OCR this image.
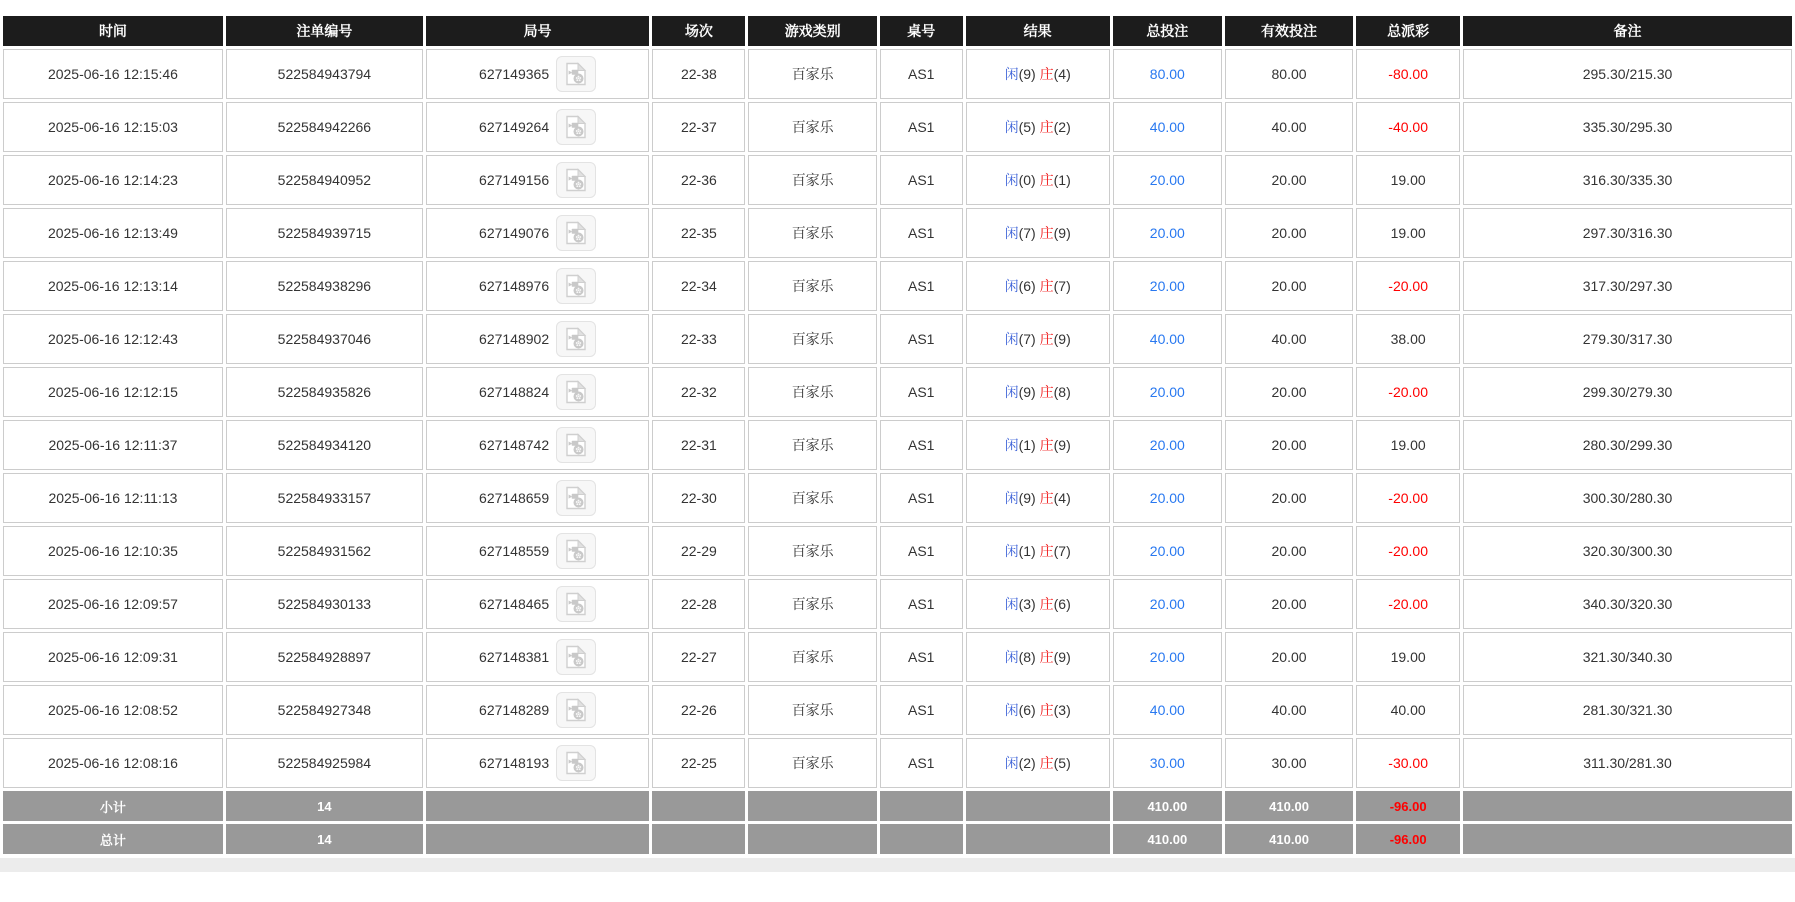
时间	注单编号	局号	场次	游戏类别	桌号	结果	总投注	有效投注	总派彩	备注
2025-06-16 12:15:46	522584943794	627149365	22-38	百家乐	AS1	闲(9) 庄(4)	80.00	80.00	-80.00	295.30/215.30
2025-06-16 12:15:03	522584942266	627149264	22-37	百家乐	AS1	闲(5) 庄(2)	40.00	40.00	-40.00	335.30/295.30
2025-06-16 12:14:23	522584940952	627149156	22-36	百家乐	AS1	闲(0) 庄(1)	20.00	20.00	19.00	316.30/335.30
2025-06-16 12:13:49	522584939715	627149076	22-35	百家乐	AS1	闲(7) 庄(9)	20.00	20.00	19.00	297.30/316.30
2025-06-16 12:13:14	522584938296	627148976	22-34	百家乐	AS1	闲(6) 庄(7)	20.00	20.00	-20.00	317.30/297.30
2025-06-16 12:12:43	522584937046	627148902	22-33	百家乐	AS1	闲(7) 庄(9)	40.00	40.00	38.00	279.30/317.30
2025-06-16 12:12:15	522584935826	627148824	22-32	百家乐	AS1	闲(9) 庄(8)	20.00	20.00	-20.00	299.30/279.30
2025-06-16 12:11:37	522584934120	627148742	22-31	百家乐	AS1	闲(1) 庄(9)	20.00	20.00	19.00	280.30/299.30
2025-06-16 12:11:13	522584933157	627148659	22-30	百家乐	AS1	闲(9) 庄(4)	20.00	20.00	-20.00	300.30/280.30
2025-06-16 12:10:35	522584931562	627148559	22-29	百家乐	AS1	闲(1) 庄(7)	20.00	20.00	-20.00	320.30/300.30
2025-06-16 12:09:57	522584930133	627148465	22-28	百家乐	AS1	闲(3) 庄(6)	20.00	20.00	-20.00	340.30/320.30
2025-06-16 12:09:31	522584928897	627148381	22-27	百家乐	AS1	闲(8) 庄(9)	20.00	20.00	19.00	321.30/340.30
2025-06-16 12:08:52	522584927348	627148289	22-26	百家乐	AS1	闲(6) 庄(3)	40.00	40.00	40.00	281.30/321.30
2025-06-16 12:08:16	522584925984	627148193	22-25	百家乐	AS1	闲(2) 庄(5)	30.00	30.00	-30.00	311.30/281.30
小计	14						410.00	410.00	-96.00	
总计	14						410.00	410.00	-96.00	
